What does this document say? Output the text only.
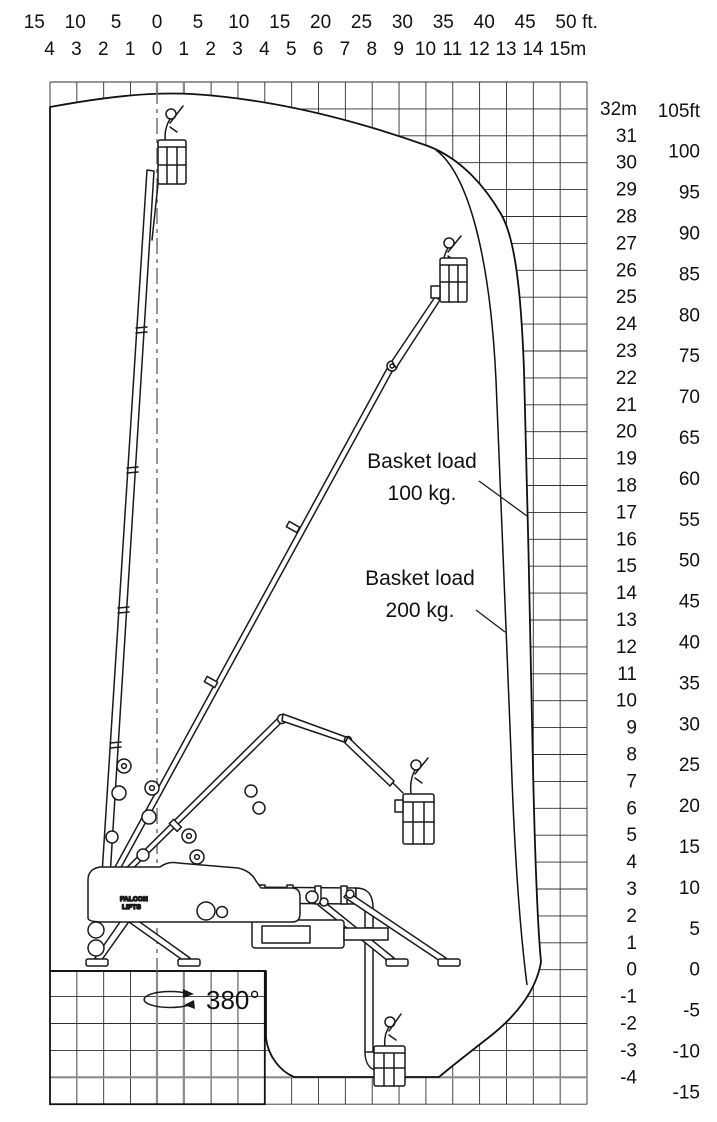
FALCON
LIFTS
Basket load
100 kg.
Basket load
200 kg.
380°
15 10 5 0 5 10 15 20 25 30 35 40 45 50 ft.
4 3 2 1 0 1 2 3 4 5 6 7 8 9 10 11 12 13 14 15m
32m
31
30
29
28
27
26
25
24
23
22
21
20
19
18
17
16
15
14
13
12
11
10
9
8
7
6
5
4
3
2
1
0
-1
-2
-3
-4
105ft
100
95
90
85
80
75
70
65
60
55
50
45
40
35
30
25
20
15
10
5
0
-5
-10
-15
